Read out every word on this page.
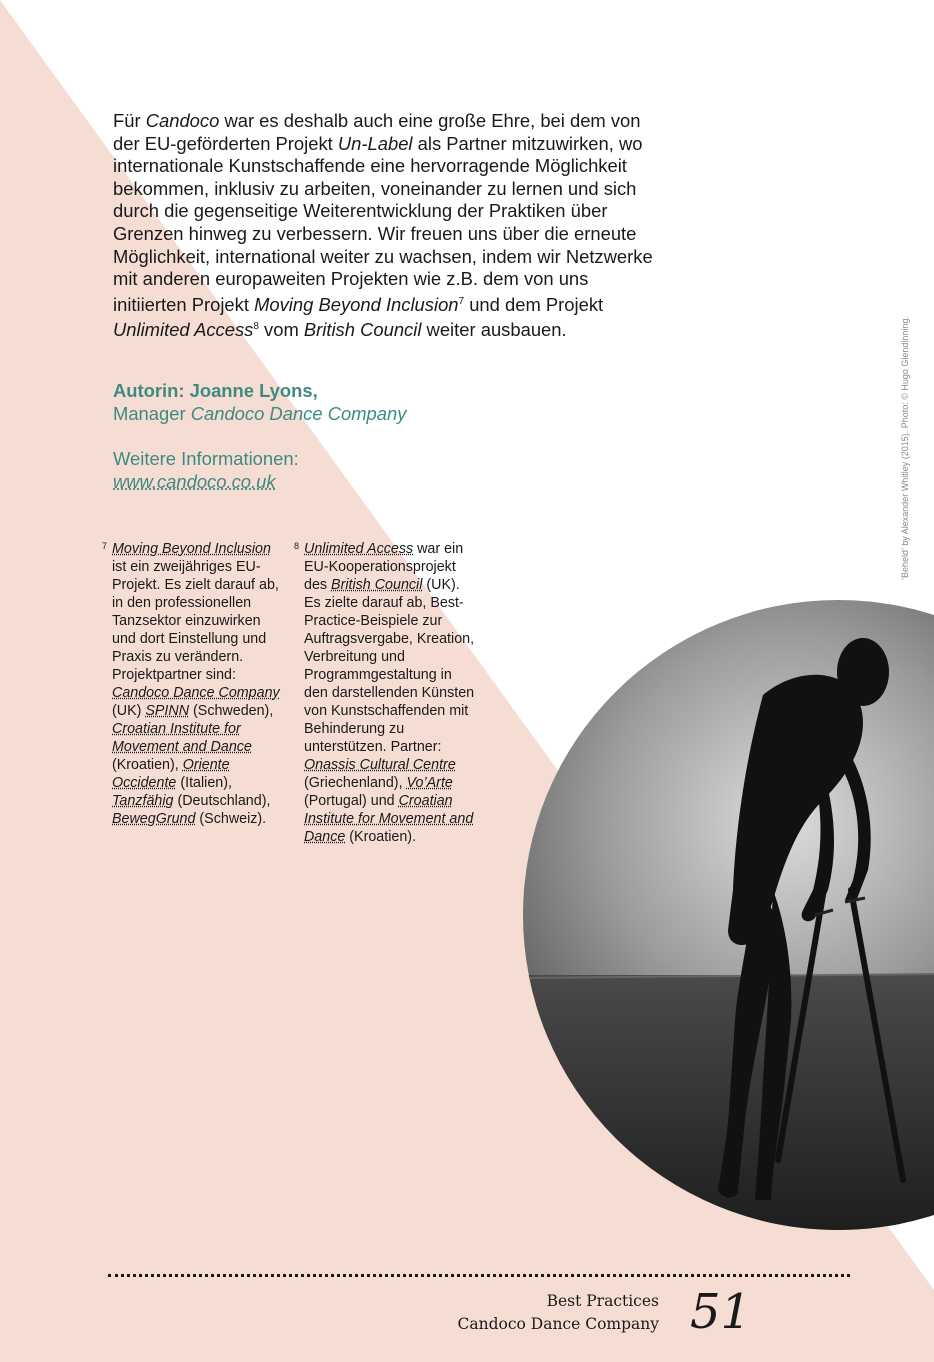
Für Candoco war es deshalb auch eine große Ehre, bei dem von der EU-geförderten Projekt Un-Label als Partner mitzuwirken, wo internationale Kunstschaffende eine hervorragende Möglichkeit bekommen, inklusiv zu arbeiten, voneinander zu lernen und sich durch die gegenseitige Weiterentwicklung der Praktiken über Grenzen hinweg zu verbessern. Wir freuen uns über die erneute Möglichkeit, international weiter zu wachsen, indem wir Netzwerke mit anderen europaweiten Projekten wie z.B. dem von uns initiierten Projekt Moving Beyond Inclusion$^7$ und dem Projekt Unlimited Access$^8$ vom British Council weiter ausbauen.

Autorin: Joanne Lyons,
Manager Candoco Dance Company
Weitere Informationen:
www.candoco.co.uk

7 Moving Beyond Inclusion ist ein zweijähriges EU-Projekt. Es zielt darauf ab, in den professionellen Tanzsektor einzuwirken und dort Einstellung und Praxis zu verändern. Projektpartner sind: Candoco Dance Company (UK) SPINN (Schweden), Croatian Institute for Movement and Dance (Kroatien), Oriente Occidente (Italien), Tanzfähig (Deutschland), BewegGrund (Schweiz).

8 Unlimited Access war ein EU-Kooperationsprojekt des British Council (UK). Es zielte darauf ab, Best-Practice-Beispiele zur Auftragsvergabe, Kreation, Verbreitung und Programmgestaltung in den darstellenden Künsten von Kunstschaffenden mit Behinderung zu unterstützen. Partner: Onassis Cultural Centre (Griechenland), Vo’Arte (Portugal) und Croatian Institute for Movement and Dance (Kroatien).

‘Beheld’ by Alexander Whitley (2015). Photo: © Hugo Glendinning.
Best Practices
Candoco Dance Company 51
